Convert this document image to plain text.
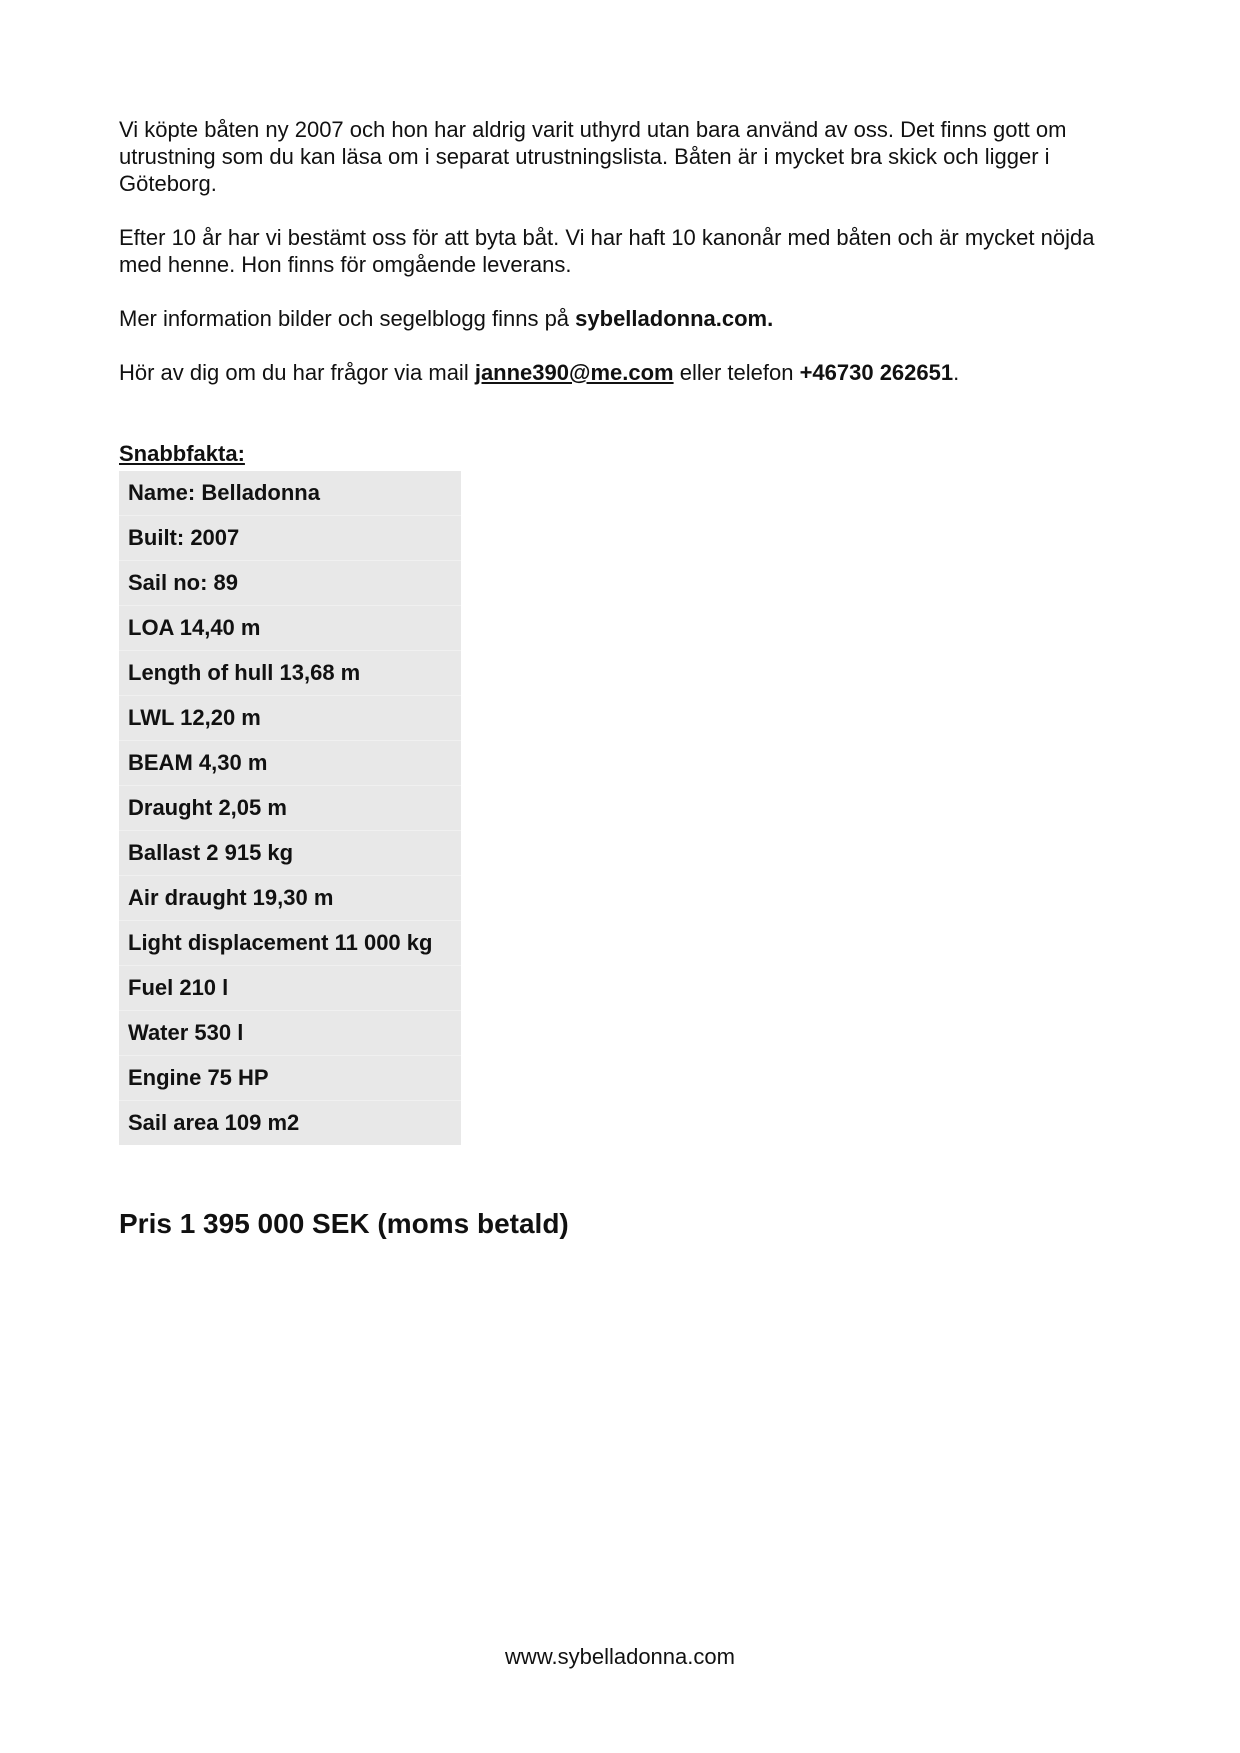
Vi köpte båten ny 2007 och hon har aldrig varit uthyrd utan bara använd av oss. Det finns gott om utrustning som du kan läsa om i separat utrustningslista. Båten är i mycket bra skick och ligger i Göteborg.

Efter 10 år har vi bestämt oss för att byta båt. Vi har haft 10 kanonår med båten och är mycket nöjda med henne. Hon finns för omgående leverans.

Mer information bilder och segelblogg finns på sybelladonna.com.

Hör av dig om du har frågor via mail janne390@me.com eller telefon +46730 262651.

Snabbfakta:
Name: Belladonna
Built: 2007
Sail no: 89
LOA 14,40 m
Length of hull 13,68 m
LWL 12,20 m
BEAM 4,30 m
Draught 2,05 m
Ballast 2 915 kg
Air draught 19,30 m
Light displacement 11 000 kg
Fuel 210 l
Water 530 l
Engine 75 HP
Sail area 109 m2
Pris 1 395 000 SEK (moms betald)
www.sybelladonna.com
